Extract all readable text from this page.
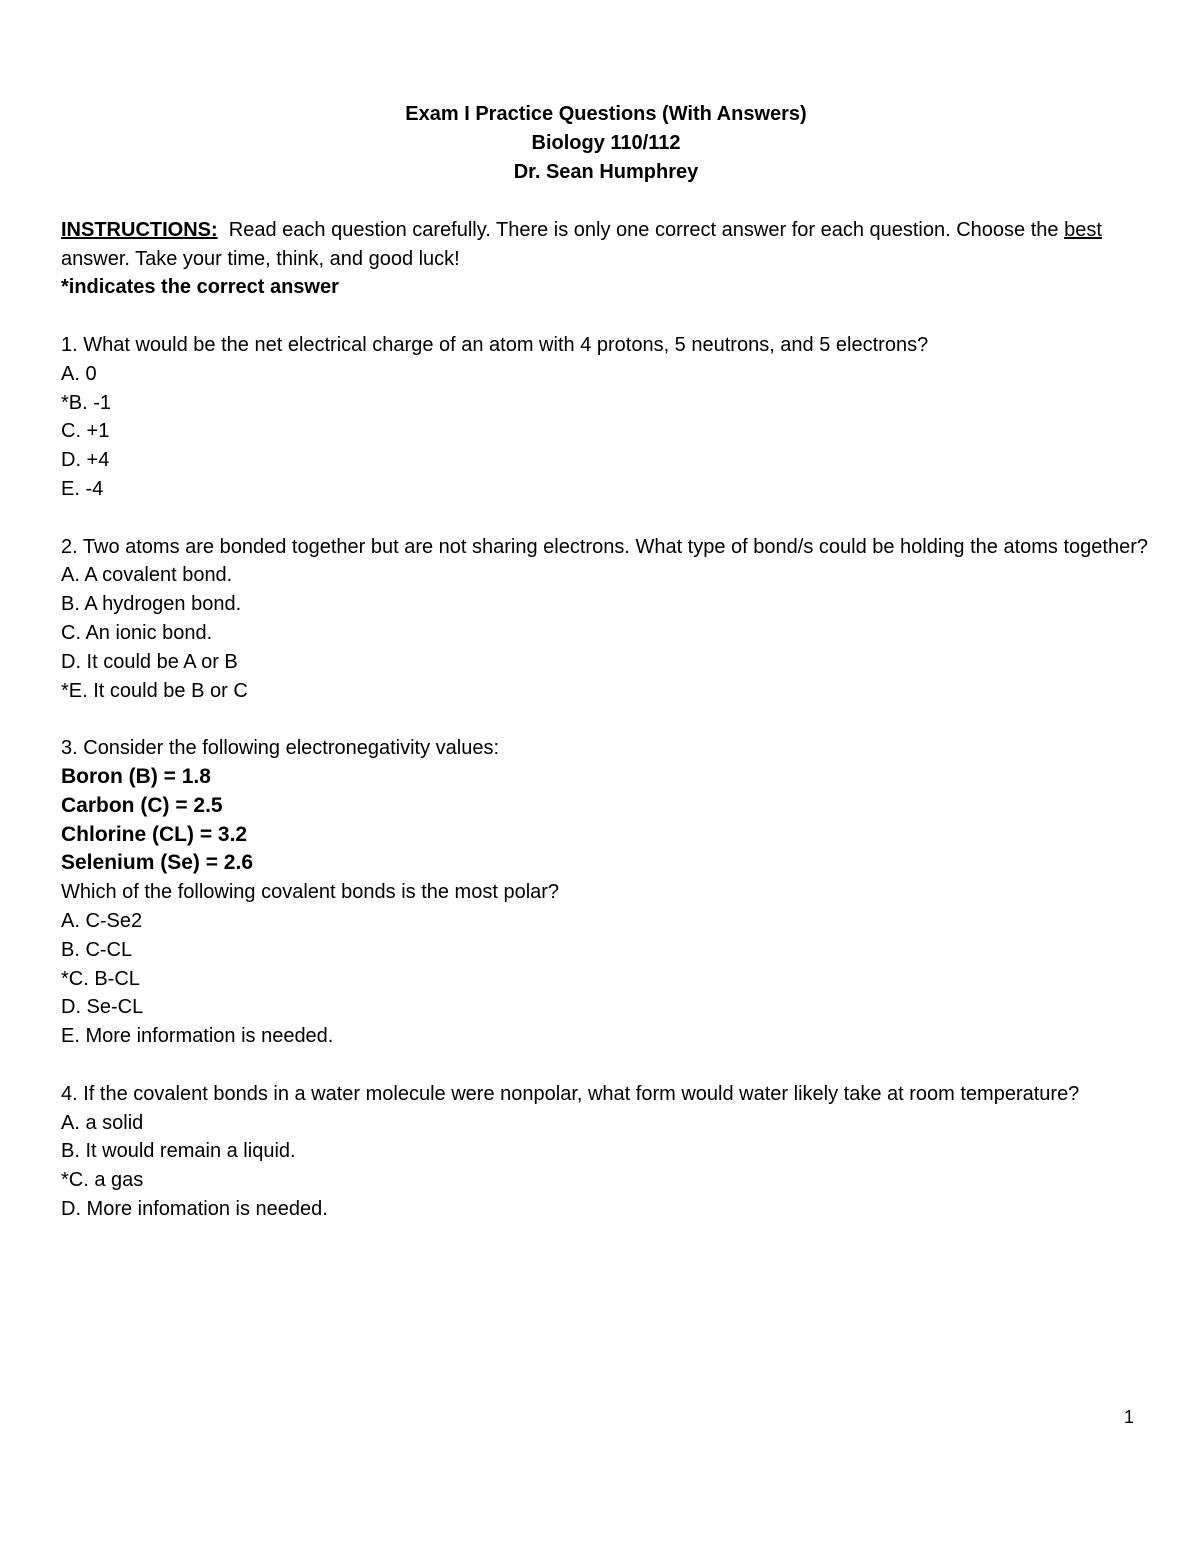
Exam I Practice Questions (With Answers)
Biology 110/112
Dr. Sean Humphrey
INSTRUCTIONS: Read each question carefully. There is only one correct answer for each question. Choose the best answer. Take your time, think, and good luck!
*indicates the correct answer
1. What would be the net electrical charge of an atom with 4 protons, 5 neutrons, and 5 electrons?
A. 0
*B. -1
C. +1
D. +4
E. -4
2. Two atoms are bonded together but are not sharing electrons. What type of bond/s could be holding the atoms together?
A. A covalent bond.
B. A hydrogen bond.
C. An ionic bond.
D. It could be A or B
*E. It could be B or C
3. Consider the following electronegativity values:
Boron (B) = 1.8
Carbon (C) = 2.5
Chlorine (CL) = 3.2
Selenium (Se) = 2.6
Which of the following covalent bonds is the most polar?
A. C-Se2
B. C-CL
*C. B-CL
D. Se-CL
E. More information is needed.
4. If the covalent bonds in a water molecule were nonpolar, what form would water likely take at room temperature?
A. a solid
B. It would remain a liquid.
*C. a gas
D. More infomation is needed.
1
